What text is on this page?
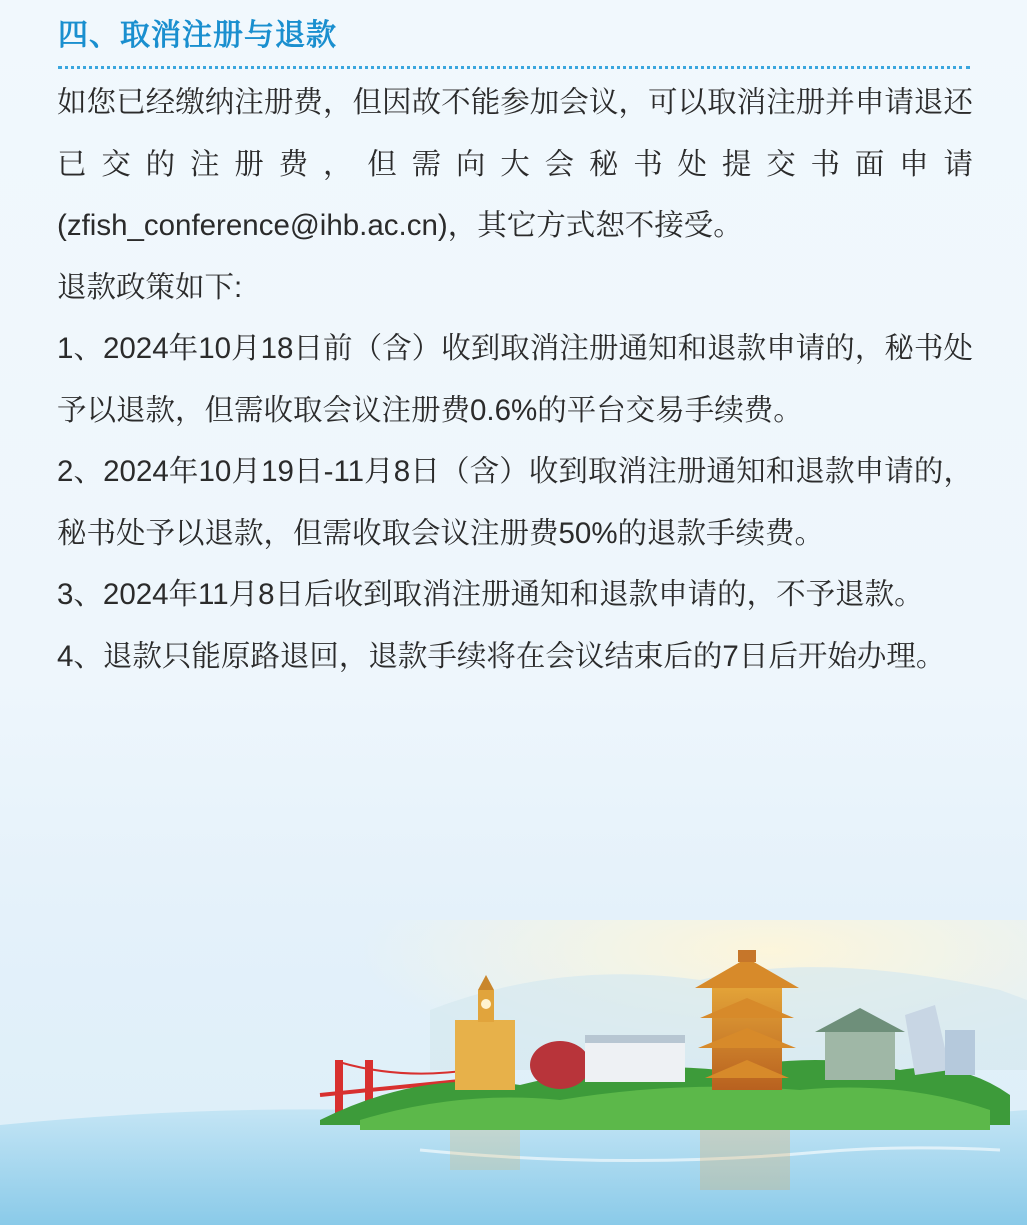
四、取消注册与退款

如您已经缴纳注册费，但因故不能参加会议，可以取消注册并申请退还已交的注册费，但需向大会秘书处提交书面申请(zfish_conference@ihb.ac.cn)，其它方式恕不接受。

退款政策如下:

1、2024年10月18日前（含）收到取消注册通知和退款申请的，秘书处予以退款，但需收取会议注册费0.6%的平台交易手续费。

2、2024年10月19日-11月8日（含）收到取消注册通知和退款申请的，秘书处予以退款，但需收取会议注册费50%的退款手续费。

3、2024年11月8日后收到取消注册通知和退款申请的，不予退款。

4、退款只能原路退回，退款手续将在会议结束后的7日后开始办理。
